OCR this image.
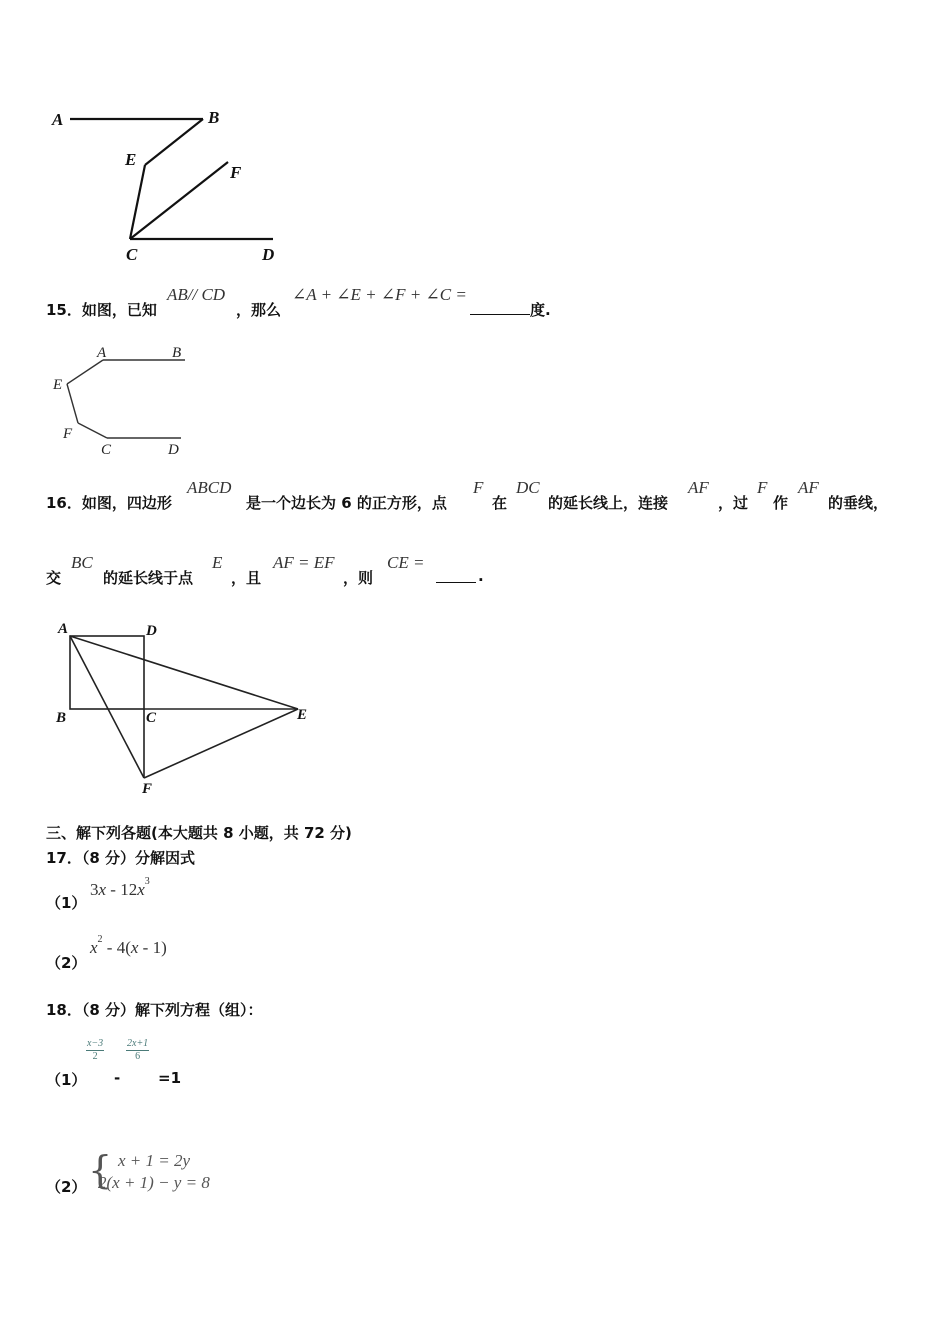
A	B
E
F
C	D
15．如图，已知
AB// CD
，那么
∠A + ∠E + ∠F + ∠C =
度.
A	B
E
F
C	D
16．如图，四边形
ABCD
是一个边长为 6 的正方形，点
F
在
DC
的延长线上，连接
AF
，过
F
作
AF
的垂线，
交
BC
的延长线于点
E
，且
AF = EF
，则
CE =
.
A	D
B	C	E
F
三、解下列各题(本大题共 8 小题，共 72 分)
17．（8 分）分解因式
（1）
$3x - 12x^3$
（2）
$x^2 - 4(x - 1)$
18．（8 分）解下列方程（组）：
（1）
$\frac{x-3}{2}$
-
$\frac{2x+1}{6}$
=1
（2） { x + 1 = 2y
2(x + 1) − y = 8
